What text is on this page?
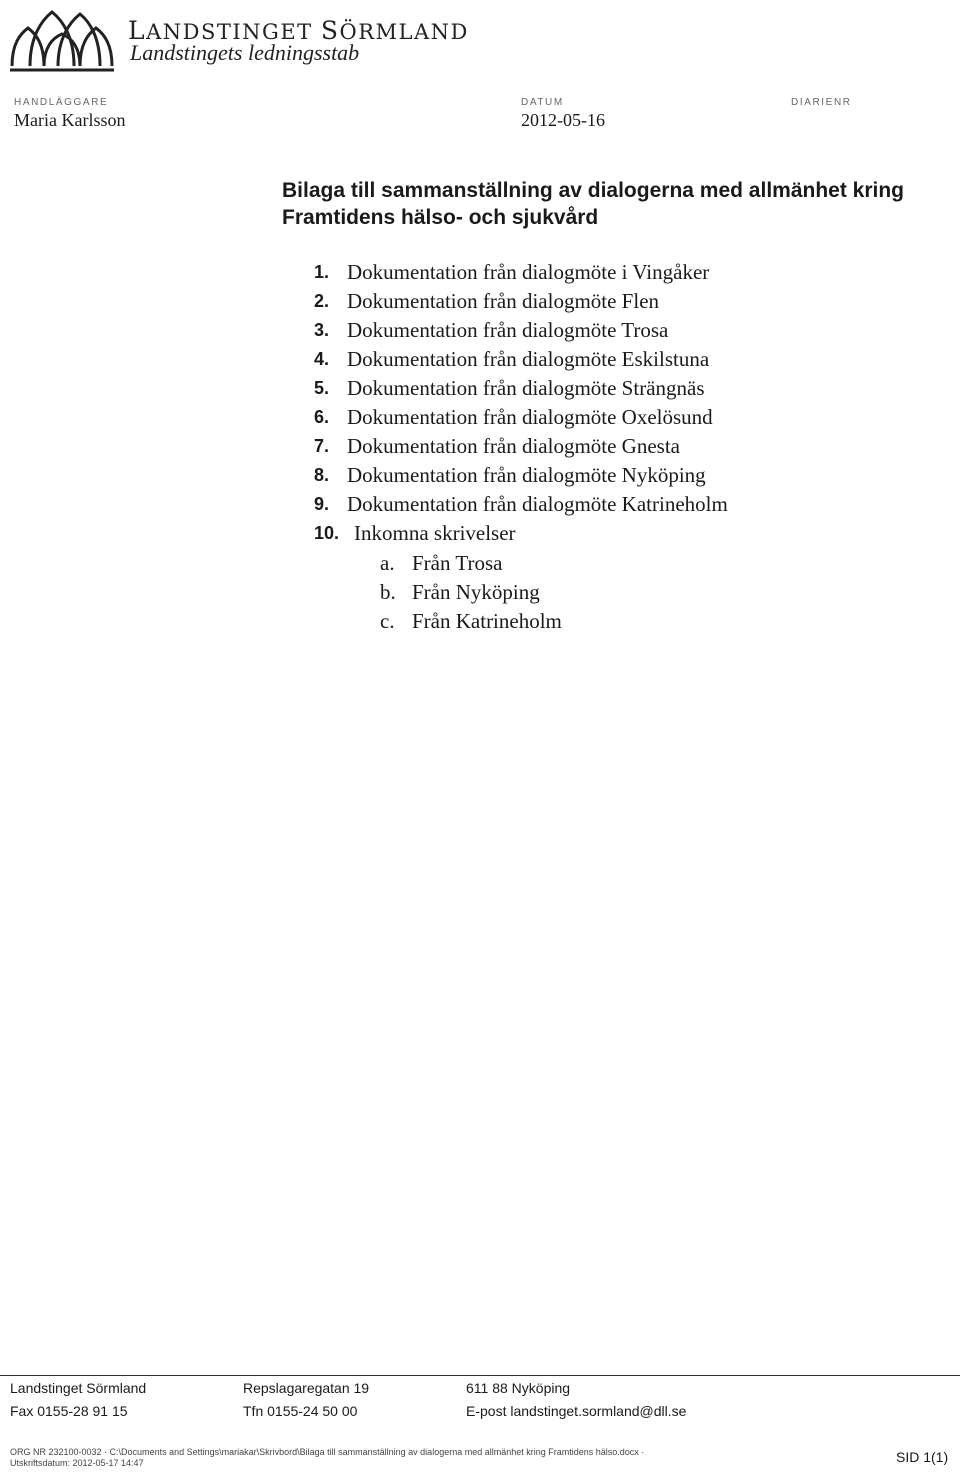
LANDSTINGET SÖRMLAND
Landstingets ledningsstab
HANDLÄGGARE
Maria Karlsson
DATUM
2012-05-16
DIARIENR
Bilaga till sammanställning av dialogerna med allmänhet kring
Framtidens hälso- och sjukvård
1. Dokumentation från dialogmöte i Vingåker
2. Dokumentation från dialogmöte Flen
3. Dokumentation från dialogmöte Trosa
4. Dokumentation från dialogmöte Eskilstuna
5. Dokumentation från dialogmöte Strängnäs
6. Dokumentation från dialogmöte Oxelösund
7. Dokumentation från dialogmöte Gnesta
8. Dokumentation från dialogmöte Nyköping
9. Dokumentation från dialogmöte Katrineholm
10. Inkomna skrivelser
a. Från Trosa
b. Från Nyköping
c. Från Katrineholm
Landstinget Sörmland
Fax 0155-28 91 15
Repslagaregatan 19
Tfn 0155-24 50 00
611 88 Nyköping
E-post landstinget.sormland@dll.se
ORG NR 232100-0032 · C:\Documents and Settings\mariakar\Skrivbord\Bilaga till sammanställning av dialogerna med allmänhet kring Framtidens hälso.docx ·
Utskriftsdatum: 2012-05-17 14:47	SID 1(1)
